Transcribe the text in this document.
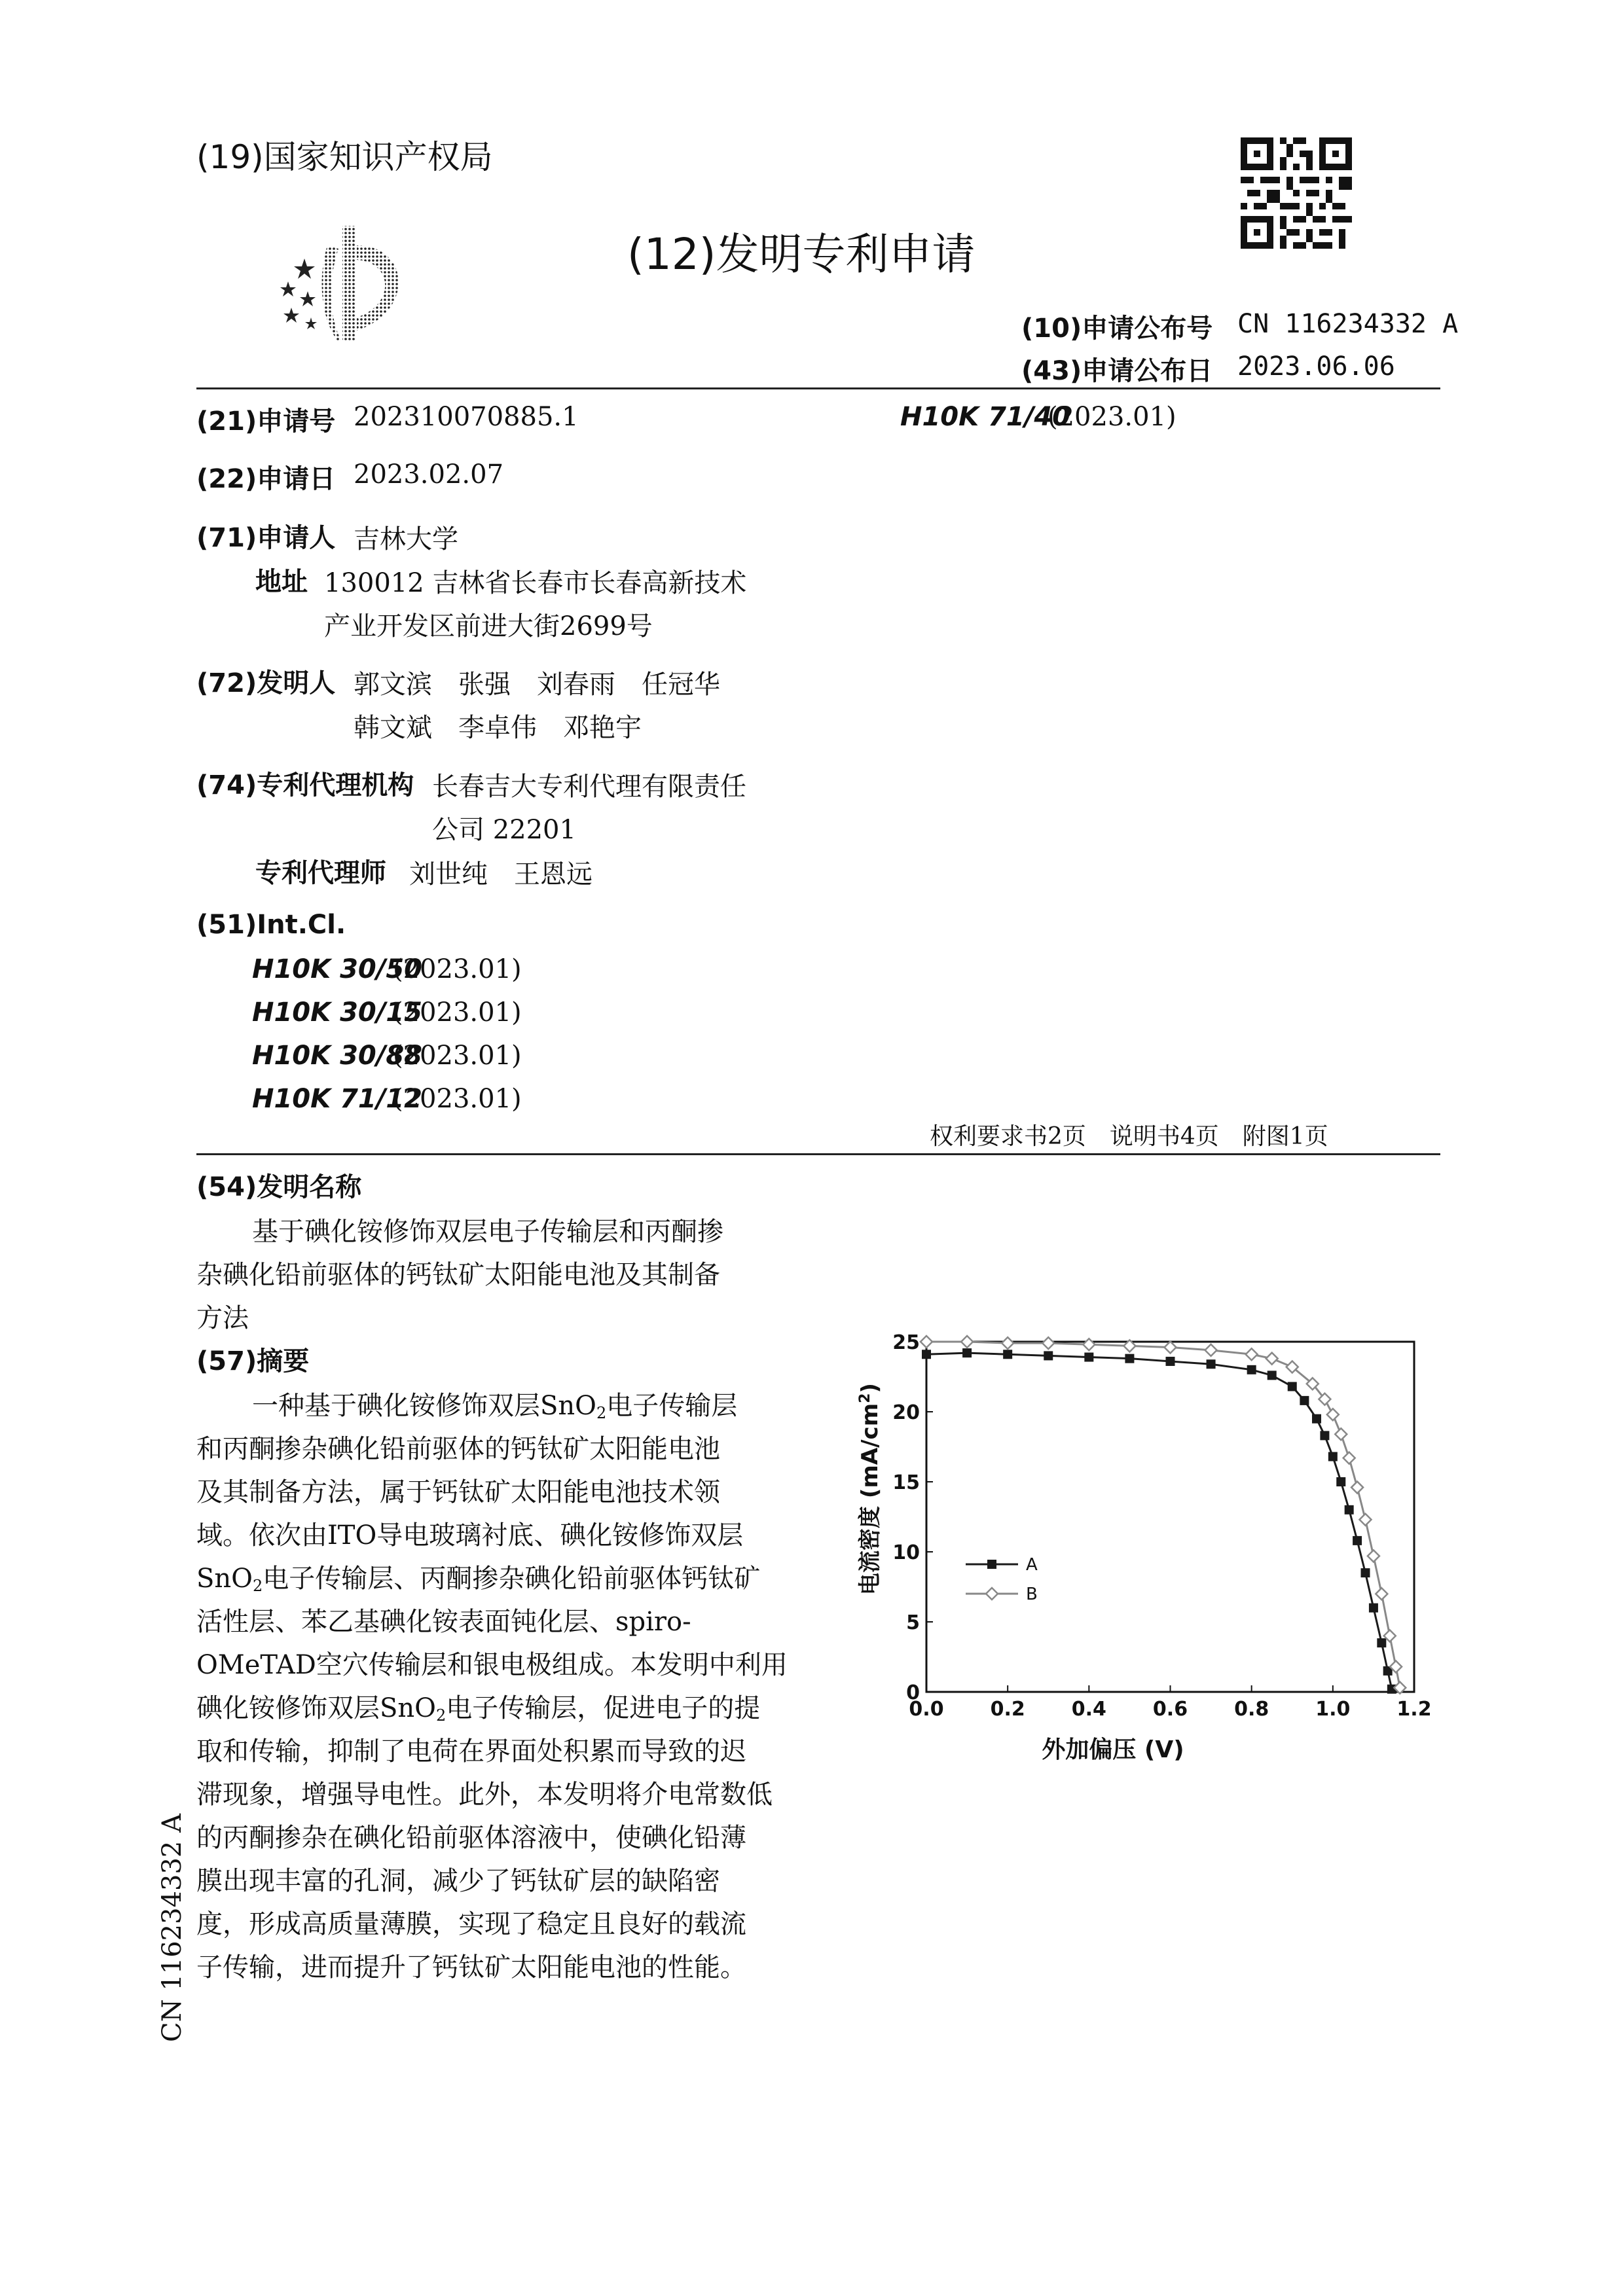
(19)国家知识产权局
(12)发明专利申请
(10)申请公布号 CN 116234332 A
(43)申请公布日 2023.06.06
(21)申请号 202310070885.1	H10K 71/40
(2023.01)
(22)申请日 2023.02.07
(71)申请人 吉林大学
地址 130012 吉林省长春市长春高新技术
产业开发区前进大街2699号
(72)发明人 郭文滨　张强　刘春雨　任冠华
韩文斌　李卓伟　邓艳宇
(74)专利代理机构 长春吉大专利代理有限责任
公司 22201
专利代理师 刘世纯　王恩远
(51)Int.Cl.
H10K 30/50
(2023.01)
H10K 30/15
(2023.01)
H10K 30/88
(2023.01)
H10K 71/12
(2023.01)
权利要求书2页　说明书4页　附图1页
(54)发明名称
基于碘化铵修饰双层电子传输层和丙酮掺
杂碘化铅前驱体的钙钛矿太阳能电池及其制备
方法
(57)摘要
一种基于碘化铵修饰双层SnO$_2$电子传输层
和丙酮掺杂碘化铅前驱体的钙钛矿太阳能电池
及其制备方法，属于钙钛矿太阳能电池技术领
域。依次由ITO导电玻璃衬底、碘化铵修饰双层
SnO$_2$电子传输层、丙酮掺杂碘化铅前驱体钙钛矿
活性层、苯乙基碘化铵表面钝化层、spiro-
OMeTAD空穴传输层和银电极组成。本发明中利用
碘化铵修饰双层SnO$_2$电子传输层，促进电子的提
取和传输，抑制了电荷在界面处积累而导致的迟
滞现象，增强导电性。此外，本发明将介电常数低
的丙酮掺杂在碘化铅前驱体溶液中，使碘化铅薄
膜出现丰富的孔洞，减少了钙钛矿层的缺陷密
度，形成高质量薄膜，实现了稳定且良好的载流
子传输，进而提升了钙钛矿太阳能电池的性能。
CN 116234332 A
0.0 0.2 0.4 0.6 0.8 1.0 1.2
0
5
10
15
20
25
A
B
外加偏压 (V)
电流密度 $(mA/cm^2)$
